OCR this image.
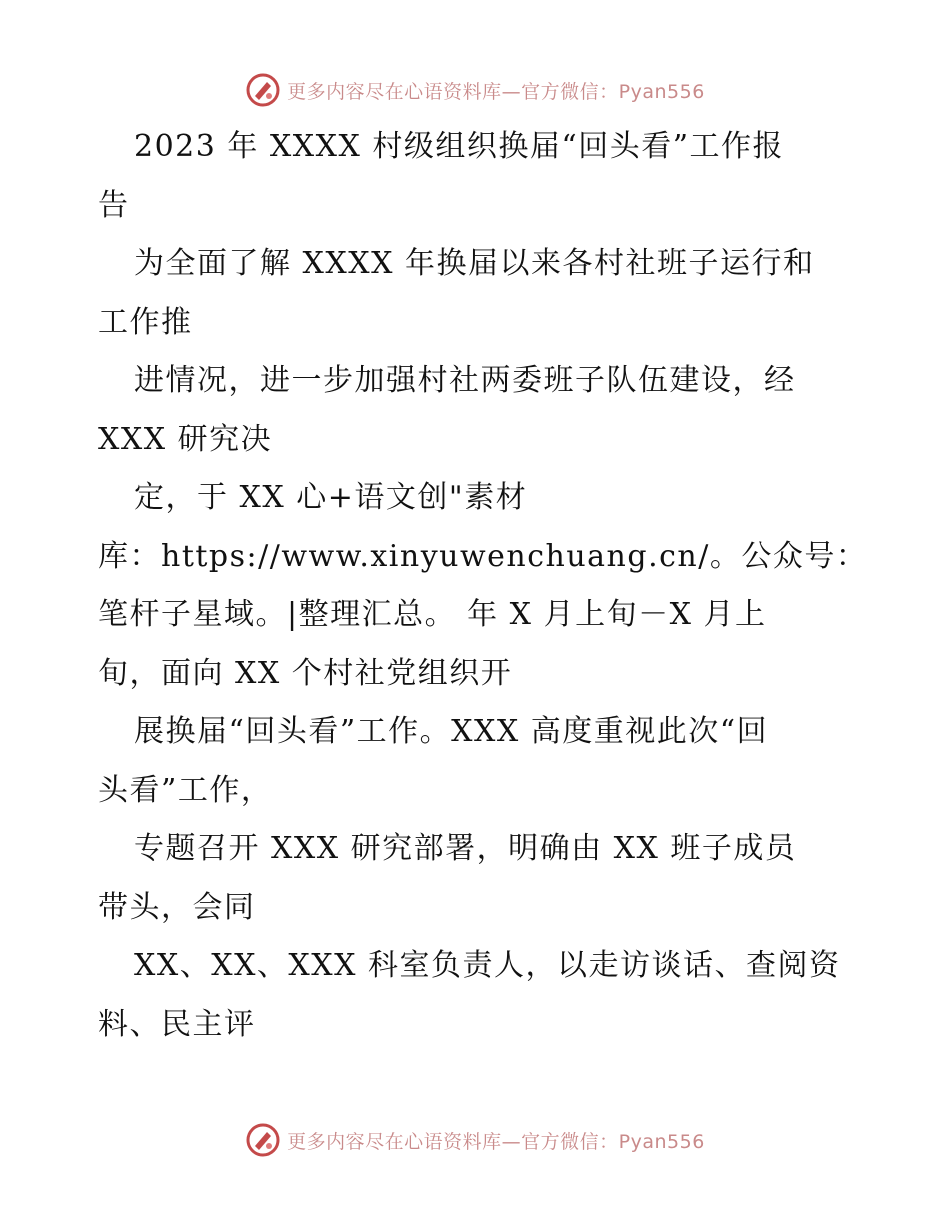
更多内容尽在心语资料库—官方微信：Pyan556
2023 年 XXXX 村级组织换届“回头看”工作报
告
为全面了解 XXXX 年换届以来各村社班子运行和
工作推
进情况，进一步加强村社两委班子队伍建设，经
XXX 研究决
定，于 XX 心+语文创"素材
库：https://www.xinyuwenchuang.cn/。公众号：
笔杆子星域。|整理汇总。 年 X 月上旬－X 月上
旬，面向 XX 个村社党组织开
展换届“回头看”工作。XXX 高度重视此次“回
头看”工作，
专题召开 XXX 研究部署，明确由 XX 班子成员
带头，会同
XX、XX、XXX 科室负责人，以走访谈话、查阅资
料、民主评
更多内容尽在心语资料库—官方微信：Pyan556
